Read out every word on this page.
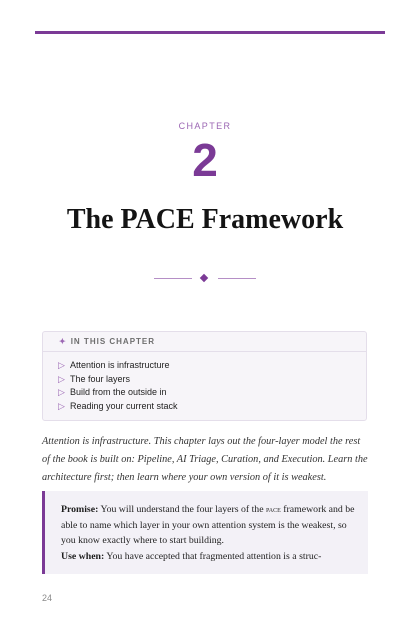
CHAPTER
2
The PACE Framework
✦ IN THIS CHAPTER
▷ Attention is infrastructure
▷ The four layers
▷ Build from the outside in
▷ Reading your current stack

Attention is infrastructure. This chapter lays out the four-layer model the rest of the book is built on: Pipeline, AI Triage, Curation, and Execution. Learn the architecture first; then learn where your own version of it is weakest.

Promise: You will understand the four layers of the pace framework and be able to name which layer in your own attention system is the weakest, so you know exactly where to start building.

Use when: You have accepted that fragmented attention is a struc-

24
